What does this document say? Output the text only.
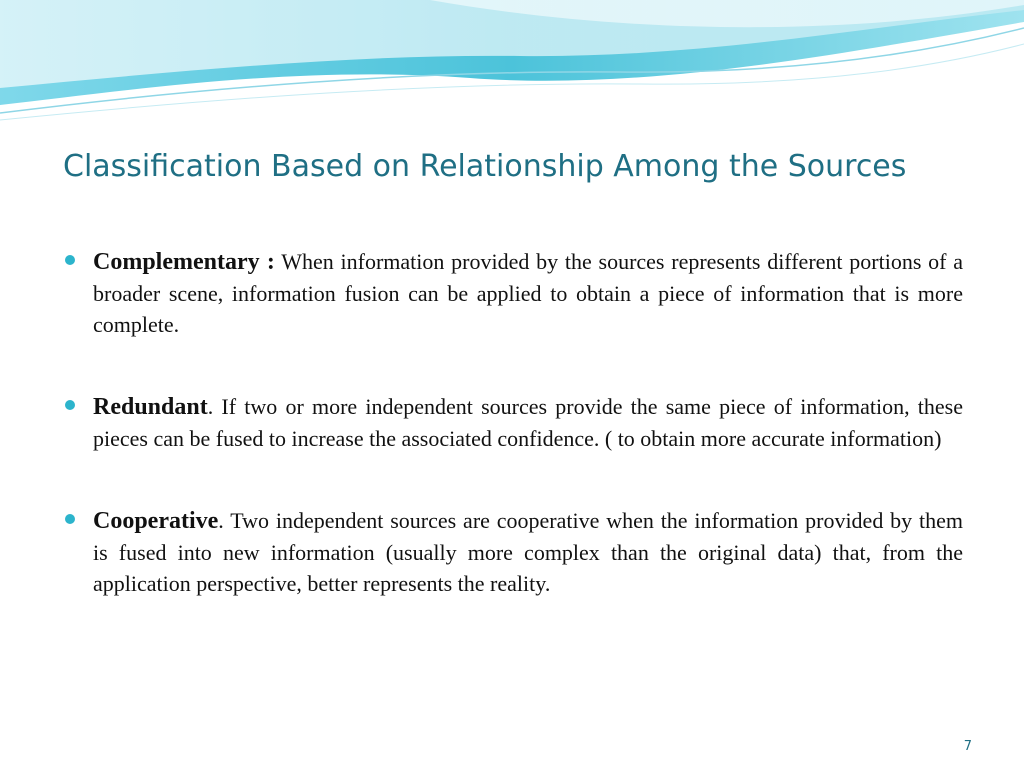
Classification Based on Relationship Among the Sources
Complementary : When information provided by the sources represents different portions of a broader scene, information fusion can be applied to obtain a piece of information that is more complete.
Redundant. If two or more independent sources provide the same piece of information, these pieces can be fused to increase the associated confidence. ( to obtain more accurate information)
Cooperative. Two independent sources are cooperative when the information provided by them is fused into new information (usually more complex than the original data) that, from the application perspective, better represents the reality.
7
